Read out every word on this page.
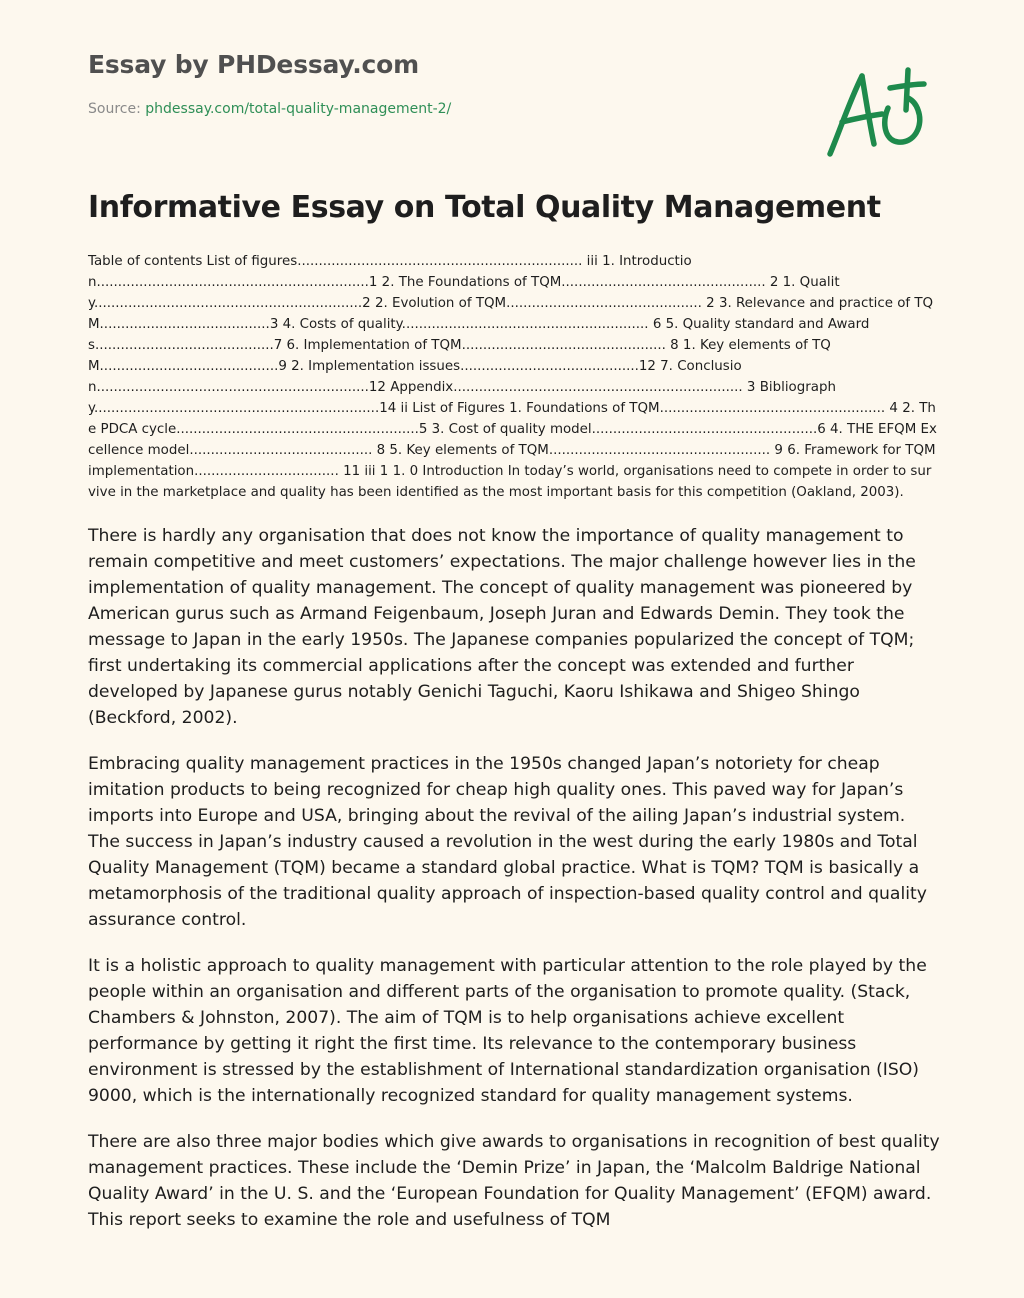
Essay by PHDessay.com
Source: phdessay.com/total-quality-management-2/
Informative Essay on Total Quality Management

Table of contents List of figures................................................................... iii 1. Introduction................................................................1 2. The Foundations of TQM................................................ 2 1. Quality...............................................................2 2. Evolution of TQM.............................................. 2 3. Relevance and practice of TQM........................................3 4. Costs of quality.......................................................... 6 5. Quality standard and Awards..........................................7 6. Implementation of TQM................................................ 8 1. Key elements of TQM..........................................9 2. Implementation issues..........................................12 7. Conclusion................................................................12 Appendix.................................................................... 3 Bibliography...................................................................14 ii List of Figures 1. Foundations of TQM..................................................... 4 2. The PDCA cycle.........................................................5 3. Cost of quality model.....................................................6 4. THE EFQM Excellence model........................................... 8 5. Key elements of TQM.................................................... 9 6. Framework for TQM implementation.................................. 11 iii 1 1. 0 Introduction In today’s world, organisations need to compete in order to survive in the marketplace and quality has been identified as the most important basis for this competition (Oakland, 2003).

There is hardly any organisation that does not know the importance of quality management to remain competitive and meet customers’ expectations. The major challenge however lies in the implementation of quality management. The concept of quality management was pioneered by American gurus such as Armand Feigenbaum, Joseph Juran and Edwards Demin. They took the message to Japan in the early 1950s. The Japanese companies popularized the concept of TQM; first undertaking its commercial applications after the concept was extended and further developed by Japanese gurus notably Genichi Taguchi, Kaoru Ishikawa and Shigeo Shingo (Beckford, 2002).

Embracing quality management practices in the 1950s changed Japan’s notoriety for cheap imitation products to being recognized for cheap high quality ones. This paved way for Japan’s imports into Europe and USA, bringing about the revival of the ailing Japan’s industrial system. The success in Japan’s industry caused a revolution in the west during the early 1980s and Total Quality Management (TQM) became a standard global practice. What is TQM? TQM is basically a metamorphosis of the traditional quality approach of inspection-based quality control and quality assurance control.

It is a holistic approach to quality management with particular attention to the role played by the people within an organisation and different parts of the organisation to promote quality. (Stack, Chambers & Johnston, 2007). The aim of TQM is to help organisations achieve excellent performance by getting it right the first time. Its relevance to the contemporary business environment is stressed by the establishment of International standardization organisation (ISO) 9000, which is the internationally recognized standard for quality management systems.

There are also three major bodies which give awards to organisations in recognition of best quality management practices. These include the ‘Demin Prize’ in Japan, the ‘Malcolm Baldrige National Quality Award’ in the U. S. and the ‘European Foundation for Quality Management’ (EFQM) award. This report seeks to examine the role and usefulness of TQM
